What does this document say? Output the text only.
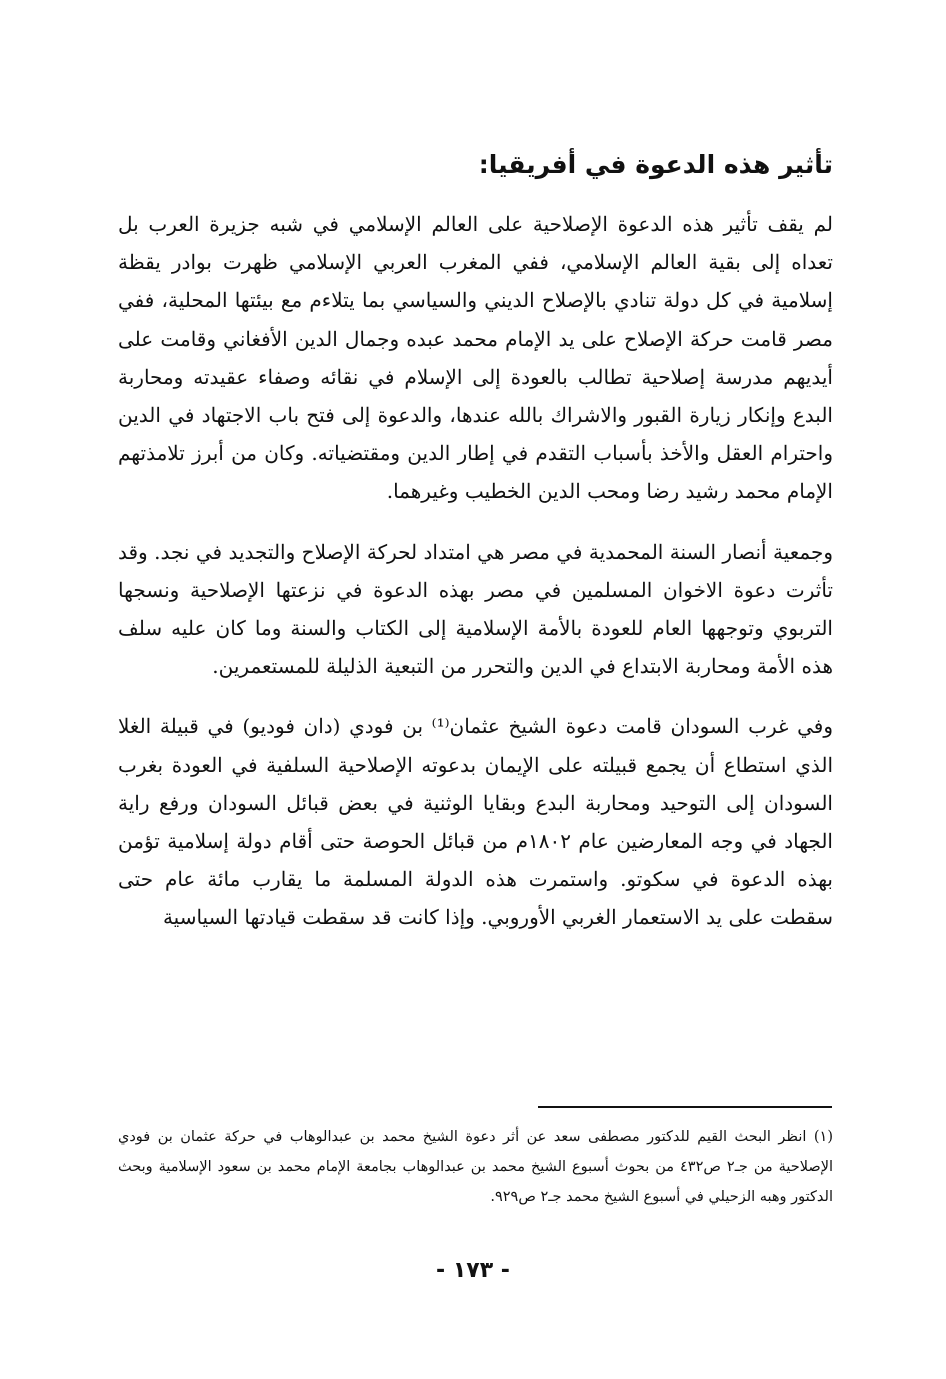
تأثير هذه الدعوة في أفريقيا:

لم يقف تأثير هذه الدعوة الإصلاحية على العالم الإسلامي في شبه جزيرة العرب بل تعداه إلى بقية العالم الإسلامي، ففي المغرب العربي الإسلامي ظهرت بوادر يقظة إسلامية في كل دولة تنادي بالإصلاح الديني والسياسي بما يتلاءم مع بيئتها المحلية، ففي مصر قامت حركة الإصلاح على يد الإمام محمد عبده وجمال الدين الأفغاني وقامت على أيديهم مدرسة إصلاحية تطالب بالعودة إلى الإسلام في نقائه وصفاء عقيدته ومحاربة البدع وإنكار زيارة القبور والاشراك بالله عندها، والدعوة إلى فتح باب الاجتهاد في الدين واحترام العقل والأخذ بأسباب التقدم في إطار الدين ومقتضياته. وكان من أبرز تلامذتهم الإمام محمد رشيد رضا ومحب الدين الخطيب وغيرهما.

وجمعية أنصار السنة المحمدية في مصر هي امتداد لحركة الإصلاح والتجديد في نجد. وقد تأثرت دعوة الاخوان المسلمين في مصر بهذه الدعوة في نزعتها الإصلاحية ونسجها التربوي وتوجهها العام للعودة بالأمة الإسلامية إلى الكتاب والسنة وما كان عليه سلف هذه الأمة ومحاربة الابتداع في الدين والتحرر من التبعية الذليلة للمستعمرين.

وفي غرب السودان قامت دعوة الشيخ عثمان⁽¹⁾ بن فودي (دان فوديو) في قبيلة الغلا الذي استطاع أن يجمع قبيلته على الإيمان بدعوته الإصلاحية السلفية في العودة بغرب السودان إلى التوحيد ومحاربة البدع وبقايا الوثنية في بعض قبائل السودان ورفع راية الجهاد في وجه المعارضين عام ١٨٠٢م من قبائل الحوصة حتى أقام دولة إسلامية تؤمن بهذه الدعوة في سكوتو. واستمرت هذه الدولة المسلمة ما يقارب مائة عام حتى سقطت على يد الاستعمار الغربي الأوروبي. وإذا كانت قد سقطت قيادتها السياسية

(١) انظر البحث القيم للدكتور مصطفى سعد عن أثر دعوة الشيخ محمد بن عبدالوهاب في حركة عثمان بن فودي الإصلاحية من جـ٢ ص٤٣٢ من بحوث أسبوع الشيخ محمد بن عبدالوهاب بجامعة الإمام محمد بن سعود الإسلامية وبحث الدكتور وهبه الزحيلي في أسبوع الشيخ محمد جـ٢ ص٩٢٩.
- ١٧٣ -
